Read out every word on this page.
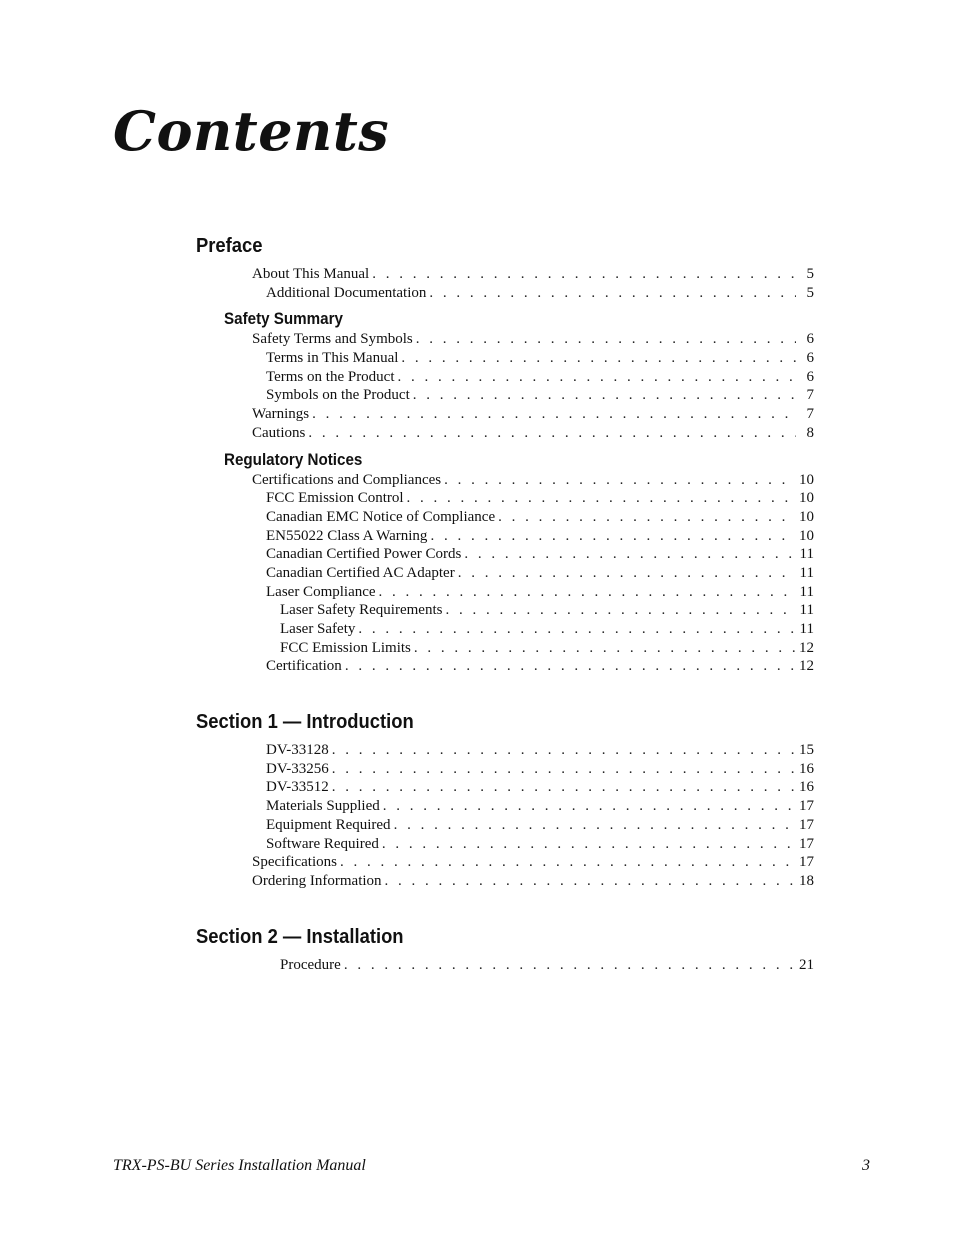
Contents
Preface
About This Manual . . .	5
Additional Documentation . . .	5
Safety Summary
Safety Terms and Symbols . . .	6
Terms in This Manual . . .	6
Terms on the Product . . .	6
Symbols on the Product . . .	7
Warnings . . .	7
Cautions . . .	8
Regulatory Notices
Certifications and Compliances . . .	10
FCC Emission Control . . .	10
Canadian EMC Notice of Compliance . . .	10
EN55022 Class A Warning . . .	10
Canadian Certified Power Cords . . .	11
Canadian Certified AC Adapter . . .	11
Laser Compliance . . .	11
Laser Safety Requirements . . .	11
Laser Safety . . .	11
FCC Emission Limits . . .	12
Certification . . .	12
Section 1 — Introduction
DV-33128 . . .	15
DV-33256 . . .	16
DV-33512 . . .	16
Materials Supplied . . .	17
Equipment Required . . .	17
Software Required . . .	17
Specifications . . .	17
Ordering Information . . .	18
Section 2 — Installation
Procedure . . .	21
TRX-PS-BU Series Installation Manual	3
